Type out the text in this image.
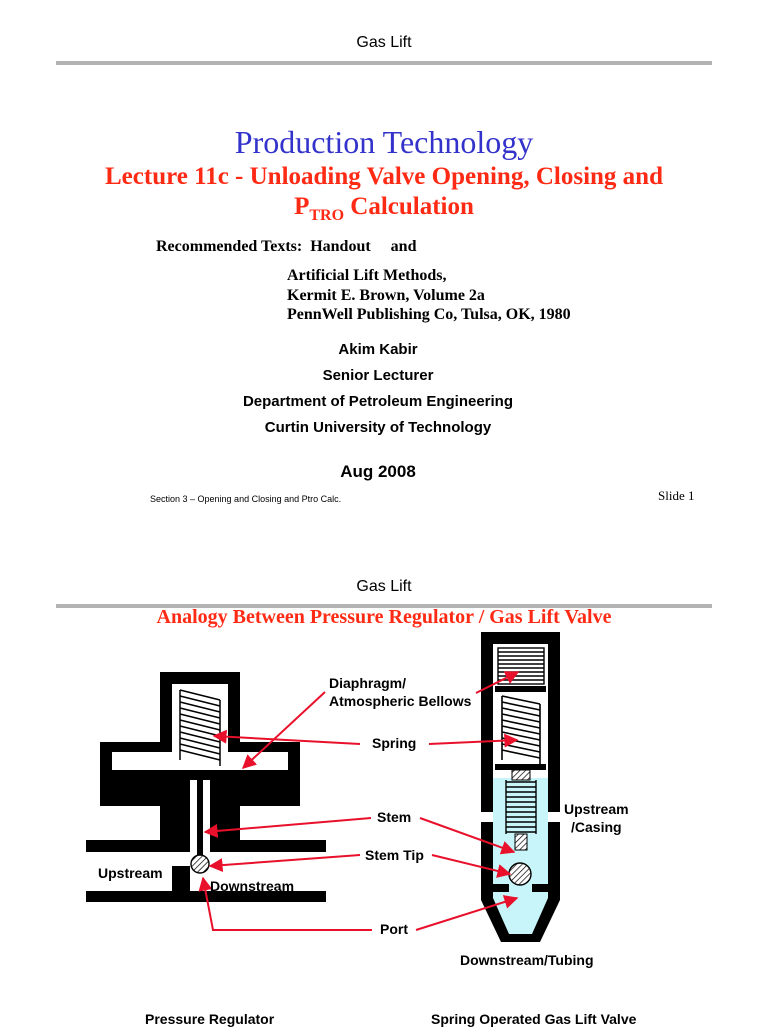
Gas Lift
Production Technology
Lecture 11c - Unloading Valve Opening, Closing and
$P_{TRO}$ Calculation
Recommended Texts:  Handout     and
Artificial Lift Methods,
Kermit E. Brown, Volume 2a
PennWell Publishing Co, Tulsa, OK, 1980
Akim Kabir
Senior Lecturer
Department of Petroleum Engineering
Curtin University of Technology
Aug 2008
Section 3 – Opening and Closing and Ptro Calc.	Slide 1
Gas Lift
Analogy Between Pressure Regulator / Gas Lift Valve
Diaphragm/
Atmospheric Bellows
Spring
Stem
Stem Tip
Port
Upstream
Downstream
Upstream
/Casing
Downstream/Tubing
Pressure Regulator	Spring Operated Gas Lift Valve
